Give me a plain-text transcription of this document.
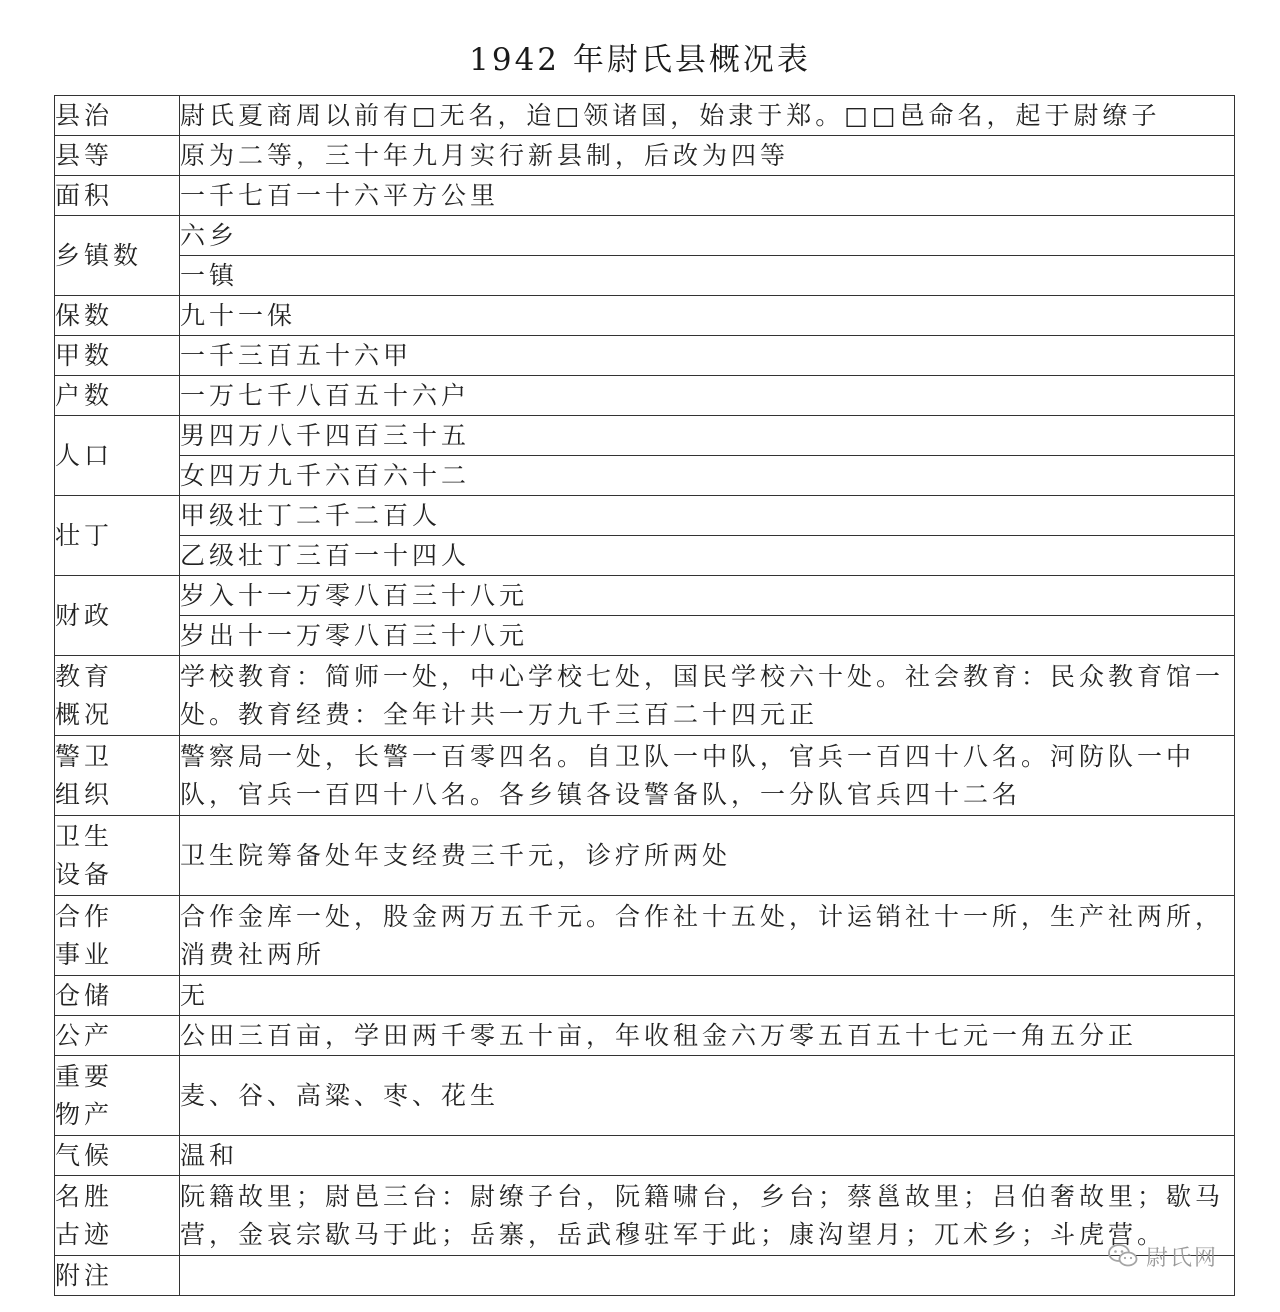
1942 年尉氏县概况表
县治	尉氏夏商周以前有□无名，迨□领诸国，始隶于郑。□□邑命名，起于尉缭子
县等	原为二等，三十年九月实行新县制，后改为四等
面积	一千七百一十六平方公里
乡镇数	六乡
	一镇
保数	九十一保
甲数	一千三百五十六甲
户数	一万七千八百五十六户
人口	男四万八千四百三十五
	女四万九千六百六十二
壮丁	甲级壮丁二千二百人
	乙级壮丁三百一十四人
财政	岁入十一万零八百三十八元
	岁出十一万零八百三十八元

教育
概况	学校教育：简师一处，中心学校七处，国民学校六十处。社会教育：民众教育馆一处。教育经费：全年计共一万九千三百二十四元正

警卫
组织	警察局一处，长警一百零四名。自卫队一中队，官兵一百四十八名。河防队一中队，官兵一百四十八名。各乡镇各设警备队，一分队官兵四十二名

卫生
设备	卫生院筹备处年支经费三千元，诊疗所两处

合作
事业	合作金库一处，股金两万五千元。合作社十五处，计运销社十一所，生产社两所，消费社两所
仓储	无
公产	公田三百亩，学田两千零五十亩，年收租金六万零五百五十七元一角五分正

重要
物产	麦、谷、高粱、枣、花生
气候	温和

名胜
古迹	阮籍故里；尉邑三台：尉缭子台，阮籍啸台，乡台；蔡邕故里；吕伯奢故里；歇马营，金哀宗歇马于此；岳寨，岳武穆驻军于此；康沟望月；兀术乡；斗虎营。
附注	
尉氏网
